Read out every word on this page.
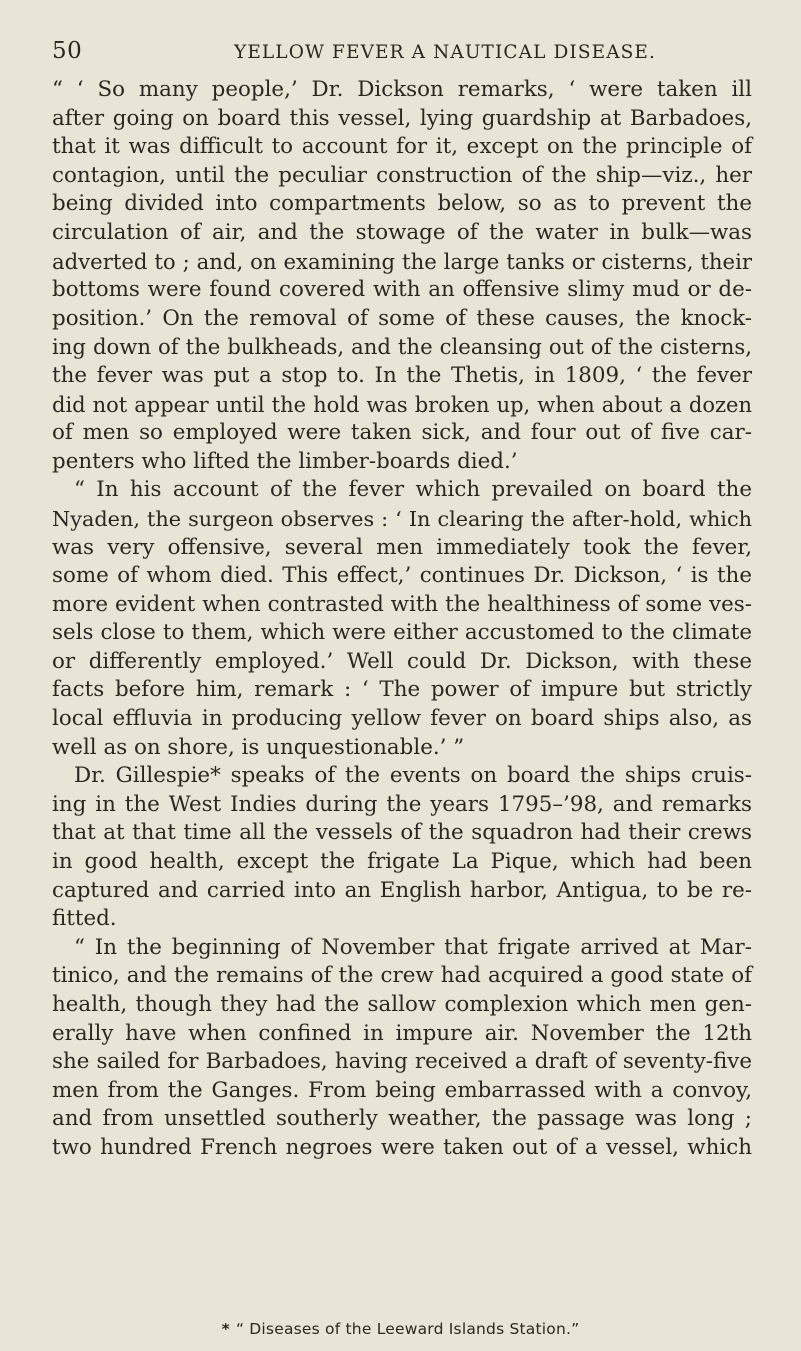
50	YELLOW FEVER A NAUTICAL DISEASE.
“ ‘ So many people,’ Dr. Dickson remarks, ‘ were taken ill
after going on board this vessel, lying guardship at Barbadoes,
that it was difficult to account for it, except on the principle of
contagion, until the peculiar construction of the ship—viz., her
being divided into compartments below, so as to prevent the
circulation of air, and the stowage of the water in bulk—was
adverted to ; and, on examining the large tanks or cisterns, their
bottoms were found covered with an offensive slimy mud or de-
position.’ On the removal of some of these causes, the knock-
ing down of the bulkheads, and the cleansing out of the cisterns,
the fever was put a stop to. In the Thetis, in 1809, ‘ the fever
did not appear until the hold was broken up, when about a dozen
of men so employed were taken sick, and four out of five car-
penters who lifted the limber-boards died.’
“ In his account of the fever which prevailed on board the
Nyaden, the surgeon observes : ‘ In clearing the after-hold, which
was very offensive, several men immediately took the fever,
some of whom died. This effect,’ continues Dr. Dickson, ‘ is the
more evident when contrasted with the healthiness of some ves-
sels close to them, which were either accustomed to the climate
or differently employed.’ Well could Dr. Dickson, with these
facts before him, remark : ‘ The power of impure but strictly
local effluvia in producing yellow fever on board ships also, as
well as on shore, is unquestionable.’ ”
Dr. Gillespie* speaks of the events on board the ships cruis-
ing in the West Indies during the years 1795–’98, and remarks
that at that time all the vessels of the squadron had their crews
in good health, except the frigate La Pique, which had been
captured and carried into an English harbor, Antigua, to be re-
fitted.
“ In the beginning of November that frigate arrived at Mar-
tinico, and the remains of the crew had acquired a good state of
health, though they had the sallow complexion which men gen-
erally have when confined in impure air. November the 12th
she sailed for Barbadoes, having received a draft of seventy-five
men from the Ganges. From being embarrassed with a convoy,
and from unsettled southerly weather, the passage was long ;
two hundred French negroes were taken out of a vessel, which
* “ Diseases of the Leeward Islands Station.”
